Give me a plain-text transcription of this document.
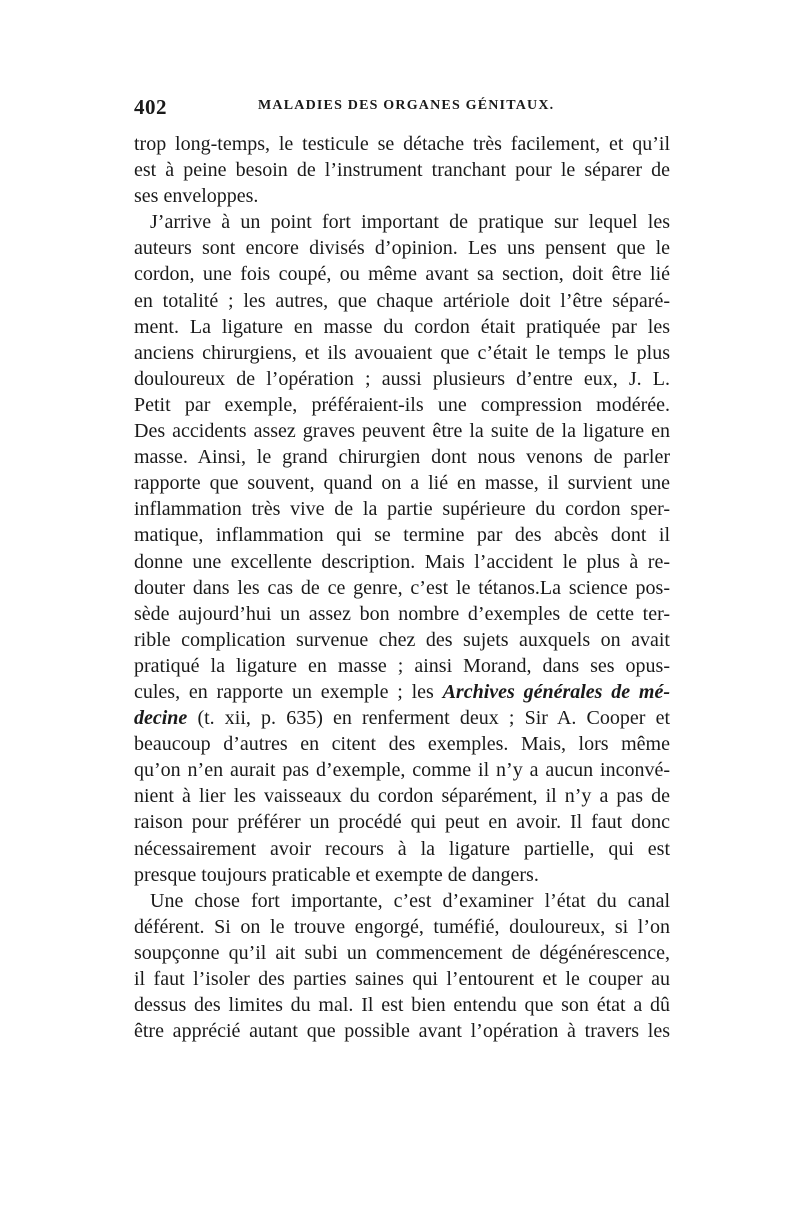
402	MALADIES DES ORGANES GÉNITAUX.
trop long-temps, le testicule se détache très facilement, et qu’il
est à peine besoin de l’instrument tranchant pour le séparer de
ses enveloppes.
J’arrive à un point fort important de pratique sur lequel les
auteurs sont encore divisés d’opinion. Les uns pensent que le
cordon, une fois coupé, ou même avant sa section, doit être lié
en totalité ; les autres, que chaque artériole doit l’être séparé-
ment. La ligature en masse du cordon était pratiquée par les
anciens chirurgiens, et ils avouaient que c’était le temps le plus
douloureux de l’opération ; aussi plusieurs d’entre eux, J. L.
Petit par exemple, préféraient-ils une compression modérée.
Des accidents assez graves peuvent être la suite de la ligature en
masse. Ainsi, le grand chirurgien dont nous venons de parler
rapporte que souvent, quand on a lié en masse, il survient une
inflammation très vive de la partie supérieure du cordon sper-
matique, inflammation qui se termine par des abcès dont il
donne une excellente description. Mais l’accident le plus à re-
douter dans les cas de ce genre, c’est le tétanos.La science pos-
sède aujourd’hui un assez bon nombre d’exemples de cette ter-
rible complication survenue chez des sujets auxquels on avait
pratiqué la ligature en masse ; ainsi Morand, dans ses opus-
cules, en rapporte un exemple ; les Archives générales de mé-
decine (t. xii, p. 635) en renferment deux ; Sir A. Cooper et
beaucoup d’autres en citent des exemples. Mais, lors même
qu’on n’en aurait pas d’exemple, comme il n’y a aucun inconvé-
nient à lier les vaisseaux du cordon séparément, il n’y a pas de
raison pour préférer un procédé qui peut en avoir. Il faut donc
nécessairement avoir recours à la ligature partielle, qui est
presque toujours praticable et exempte de dangers.
Une chose fort importante, c’est d’examiner l’état du canal
déférent. Si on le trouve engorgé, tuméfié, douloureux, si l’on
soupçonne qu’il ait subi un commencement de dégénérescence,
il faut l’isoler des parties saines qui l’entourent et le couper au
dessus des limites du mal. Il est bien entendu que son état a dû
être apprécié autant que possible avant l’opération à travers les
